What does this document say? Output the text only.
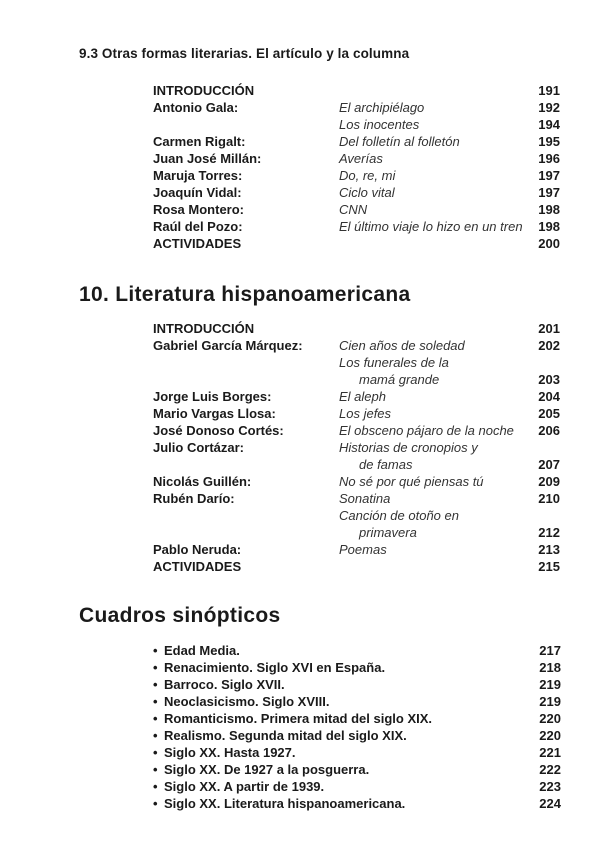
9.3 Otras formas literarias. El artículo y la columna
INTRODUCCIÓN	191
Antonio Gala:	El archipiélago	192
Los inocentes	194
Carmen Rigalt:	Del folletín al folletón	195
Juan José Millán:	Averías	196
Maruja Torres:	Do, re, mi	197
Joaquín Vidal:	Ciclo vital	197
Rosa Montero:	CNN	198
Raúl del Pozo:	El último viaje lo hizo en un tren 198
ACTIVIDADES	200
10. Literatura hispanoamericana
INTRODUCCIÓN	201
Gabriel García Márquez:	Cien años de soledad	202
Los funerales de la
mamá grande	203
Jorge Luis Borges:	El aleph	204
Mario Vargas Llosa:	Los jefes	205
José Donoso Cortés:	El obsceno pájaro de la noche 206
Julio Cortázar:	Historias de cronopios y
de famas	207
Nicolás Guillén:	No sé por qué piensas tú	209
Rubén Darío:	Sonatina	210
Canción de otoño en
primavera	212
Pablo Neruda:	Poemas	213
ACTIVIDADES	215
Cuadros sinópticos
• Edad Media.	217
• Renacimiento. Siglo XVI en España.	218
• Barroco. Siglo XVII.	219
• Neoclasicismo. Siglo XVIII.	219
• Romanticismo. Primera mitad del siglo XIX.	220
• Realismo. Segunda mitad del siglo XIX.	220
• Siglo XX. Hasta 1927.	221
• Siglo XX. De 1927 a la posguerra.	222
• Siglo XX. A partir de 1939.	223
• Siglo XX. Literatura hispanoamericana.	224
